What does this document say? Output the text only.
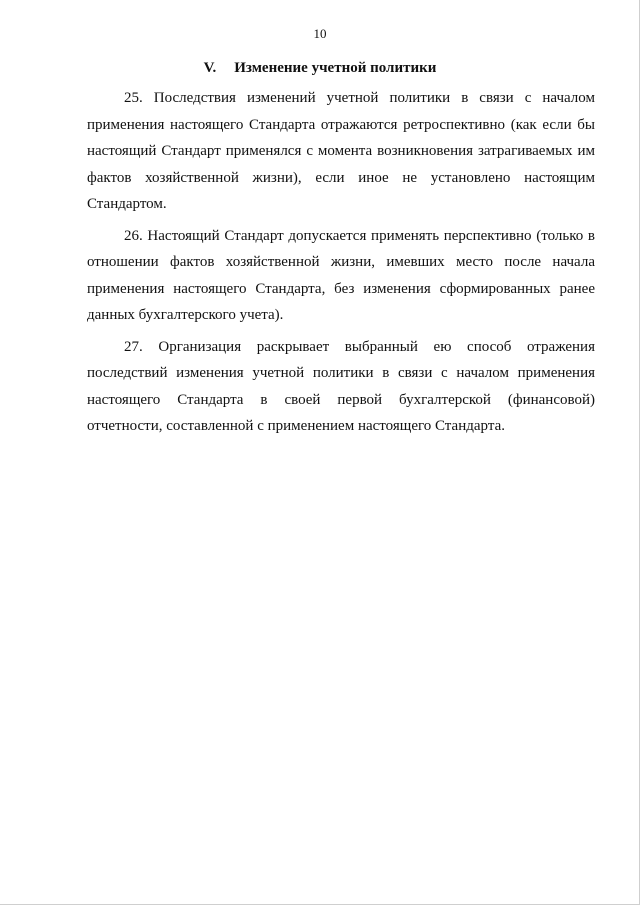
10
V. Изменение учетной политики

25. Последствия изменений учетной политики в связи с началом применения настоящего Стандарта отражаются ретроспективно (как если бы настоящий Стандарт применялся с момента возникновения затрагиваемых им фактов хозяйственной жизни), если иное не установлено настоящим Стандартом.

26. Настоящий Стандарт допускается применять перспективно (только в отношении фактов хозяйственной жизни, имевших место после начала применения настоящего Стандарта, без изменения сформированных ранее данных бухгалтерского учета).

27. Организация раскрывает выбранный ею способ отражения последствий изменения учетной политики в связи с началом применения настоящего Стандарта в своей первой бухгалтерской (финансовой) отчетности, составленной с применением настоящего Стандарта.
